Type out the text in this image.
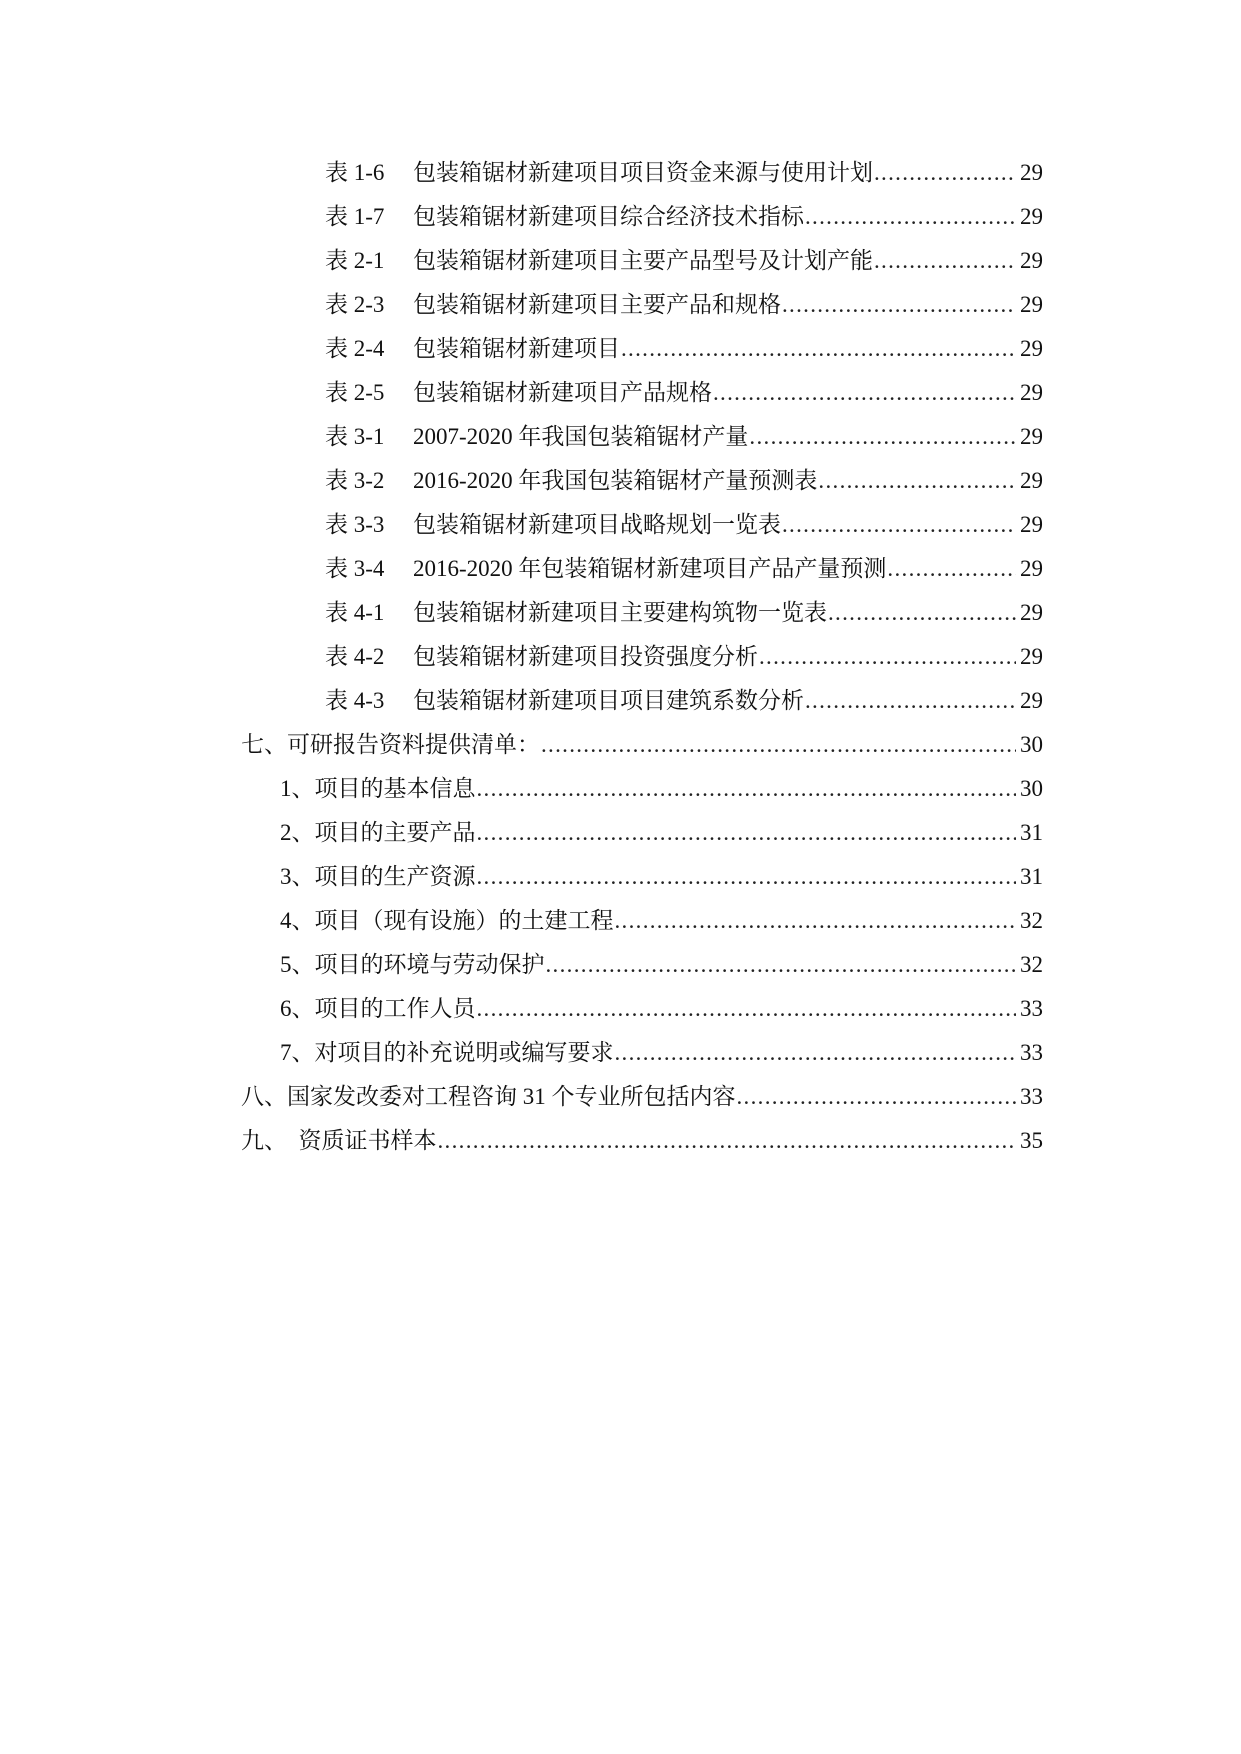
表 1-6 包装箱锯材新建项目项目资金来源与使用计划 .....	29
表 1-7 包装箱锯材新建项目综合经济技术指标 .....	29
表 2-1 包装箱锯材新建项目主要产品型号及计划产能 .....	29
表 2-3 包装箱锯材新建项目主要产品和规格 .....	29
表 2-4 包装箱锯材新建项目 .....	29
表 2-5 包装箱锯材新建项目产品规格 .....	29
表 3-1 2007-2020 年我国包装箱锯材产量 .....	29
表 3-2 2016-2020 年我国包装箱锯材产量预测表 .....	29
表 3-3 包装箱锯材新建项目战略规划一览表 .....	29
表 3-4 2016-2020 年包装箱锯材新建项目产品产量预测 .....	29
表 4-1 包装箱锯材新建项目主要建构筑物一览表 .....	29
表 4-2 包装箱锯材新建项目投资强度分析 .....	29
表 4-3 包装箱锯材新建项目项目建筑系数分析 .....	29
七、可研报告资料提供清单： .....	30
1、项目的基本信息 .....	30
2、项目的主要产品 .....	31
3、项目的生产资源 .....	31
4、项目（现有设施）的土建工程 .....	32
5、项目的环境与劳动保护 .....	32
6、项目的工作人员 .....	33
7、对项目的补充说明或编写要求 .....	33
八、国家发改委对工程咨询 31 个专业所包括内容 .....	33
九、  资质证书样本 .....	35
